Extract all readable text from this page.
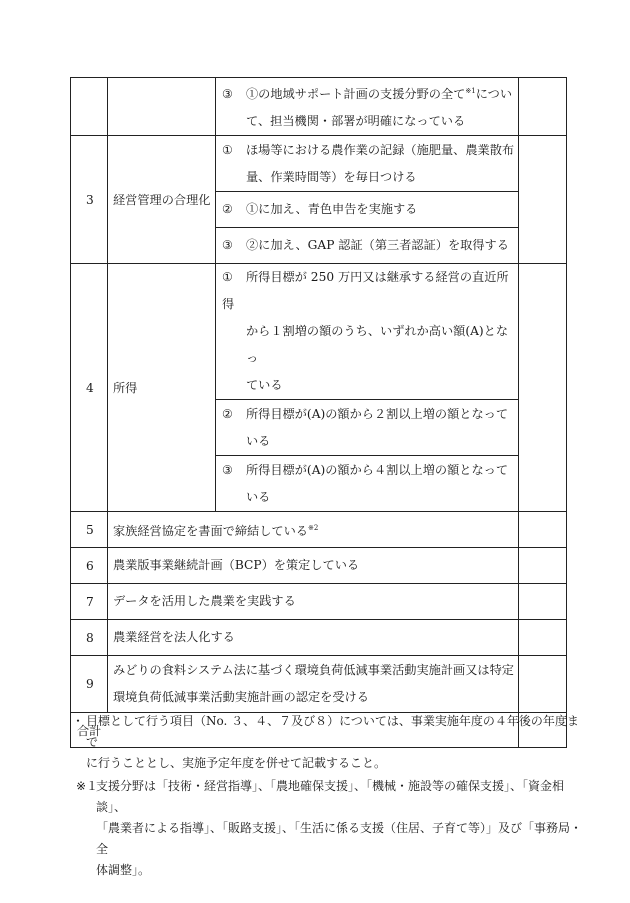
		③ ①の地域サポート計画の支援分野の全て$^{※1}$につい
て、担当機関・部署が明確になっている	

3	経営管理の合理化	① ほ場等における農作業の記録（施肥量、農業散布
量、作業時間等）を毎日つける	

		② ①に加え、青色申告を実施する	
		③ ②に加え、GAP 認証（第三者認証）を取得する	
4	所得	① 所得目標が 250 万円又は継承する経営の直近所得
から１割増の額のうち、いずれか高い額(A)となっ
ている	

		② 所得目標が(A)の額から２割以上増の額となって
いる	

		③ 所得目標が(A)の額から４割以上増の額となって
いる	

5	家族経営協定を書面で締結している$^{※2}$	
6	農業版事業継続計画（BCP）を策定している		
7	データを活用した農業を実践する		
8	農業経営を法人化する		
9	みどりの食料システム法に基づく環境負荷低減事業活動実施計画又は特定
環境負荷低減事業活動実施計画の認定を受ける		

合計			
・ 目標として行う項目（No. ３、４、７及び８）については、事業実施年度の４年後の年度まで
に行うこととし、実施予定年度を併せて記載すること。
※１
支援分野は「技術・経営指導」、「農地確保支援」、「機械・施設等の確保支援」、「資金相談」、
「農業者による指導」、「販路支援」、「生活に係る支援（住居、子育て等）」及び「事務局・全
体調整」。
